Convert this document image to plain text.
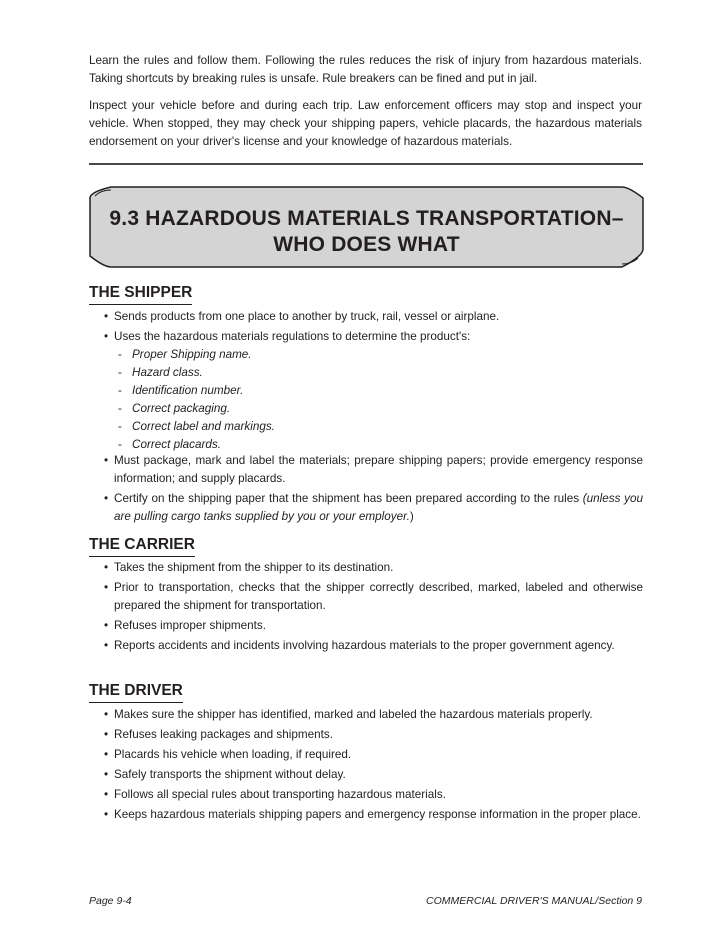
Learn the rules and follow them. Following the rules reduces the risk of injury from hazardous materials. Taking shortcuts by breaking rules is unsafe. Rule breakers can be fined and put in jail.

Inspect your vehicle before and during each trip. Law enforcement officers may stop and inspect your vehicle. When stopped, they may check your shipping papers, vehicle placards, the hazardous materials endorsement on your driver's license and your knowledge of hazardous materials.

9.3 HAZARDOUS MATERIALS TRANSPORTATION–
WHO DOES WHAT
THE SHIPPER
• Sends products from one place to another by truck, rail, vessel or airplane.
• Uses the hazardous materials regulations to determine the product's:
- Proper Shipping name.
- Hazard class.
- Identification number.
- Correct packaging.
- Correct label and markings.
- Correct placards.
• Must package, mark and label the materials; prepare shipping papers; provide emergency response information; and supply placards.
• Certify on the shipping paper that the shipment has been prepared according to the rules (unless you are pulling cargo tanks supplied by you or your employer.)
THE CARRIER
• Takes the shipment from the shipper to its destination.
• Prior to transportation, checks that the shipper correctly described, marked, labeled and otherwise prepared the shipment for transportation.
• Refuses improper shipments.
• Reports accidents and incidents involving hazardous materials to the proper government agency.
THE DRIVER
• Makes sure the shipper has identified, marked and labeled the hazardous materials properly.
• Refuses leaking packages and shipments.
• Placards his vehicle when loading, if required.
• Safely transports the shipment without delay.
• Follows all special rules about transporting hazardous materials.
• Keeps hazardous materials shipping papers and emergency response information in the proper place.
Page 9-4	COMMERCIAL DRIVER'S MANUAL/Section 9
